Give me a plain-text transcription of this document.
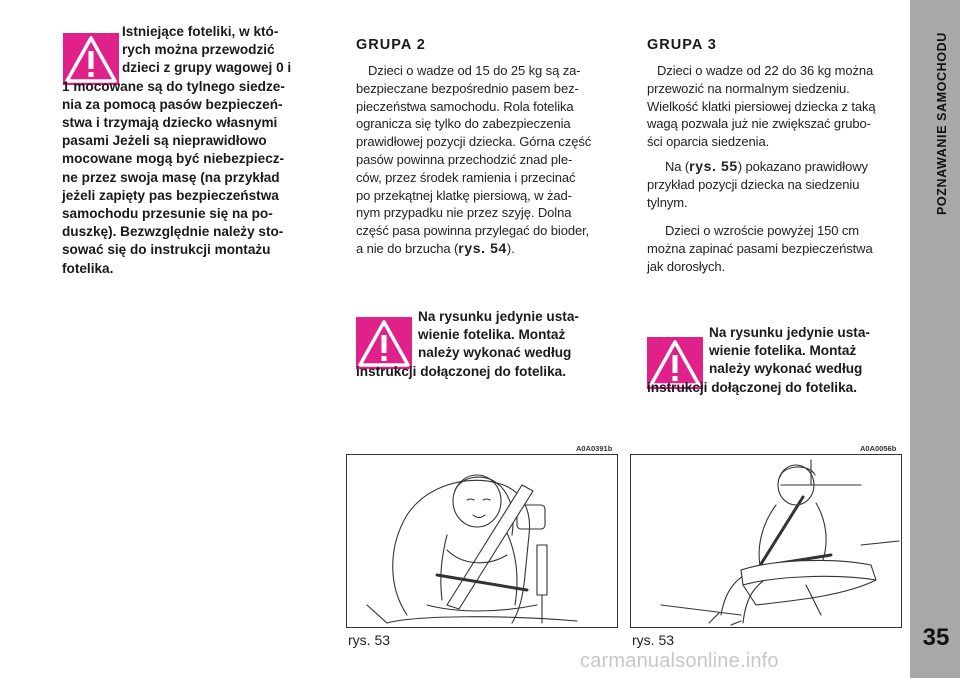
POZNAWANIE SAMOCHODU
35
Istniejące foteliki, w któ-
rych można przewodzić
dzieci z grupy wagowej 0 i
1 mocowane są do tylnego siedze-
nia za pomocą pasów bezpieczeń-
stwa i trzymają dziecko własnymi
pasami Jeżeli są nieprawidłowo
mocowane mogą być niebezpiecz-
ne przez swoja masę (na przykład
jeżeli zapięty pas bezpieczeństwa
samochodu przesunie się na po-
duszkę). Bezwzględnie należy sto-
sować się do instrukcji montażu
fotelika.
GRUPA 2
Dzieci o wadze od 15 do 25 kg są za-
bezpieczane bezpośrednio pasem bez-
pieczeństwa samochodu. Rola fotelika
ogranicza się tylko do zabezpieczenia
prawidłowej pozycji dziecka. Górna część
pasów powinna przechodzić znad ple-
ców, przez środek ramienia i przecinać
po przekątnej klatkę piersiową, w żad-
nym przypadku nie przez szyję. Dolna
część pasa powinna przylegać do bioder,
a nie do brzucha (rys. 54).
GRUPA 3
Dzieci o wadze od 22 do 36 kg można
przewozić na normalnym siedzeniu.
Wielkość klatki piersiowej dziecka z taką
wagą pozwala już nie zwiększać grubo-
ści oparcia siedzenia.
Na (rys. 55) pokazano prawidłowy
przykład pozycji dziecka na siedzeniu
tylnym.
Dzieci o wzroście powyżej 150 cm
można zapinać pasami bezpieczeństwa
jak dorosłych.
Na rysunku jedynie usta-
wienie fotelika. Montaż
należy wykonać według
instrukcji dołączonej do fotelika.
Na rysunku jedynie usta-
wienie fotelika. Montaż
należy wykonać według
instrukcji dołączonej do fotelika.
A0A0391b
rys. 53
A0A0056b
rys. 53
carmanualsonline.info
